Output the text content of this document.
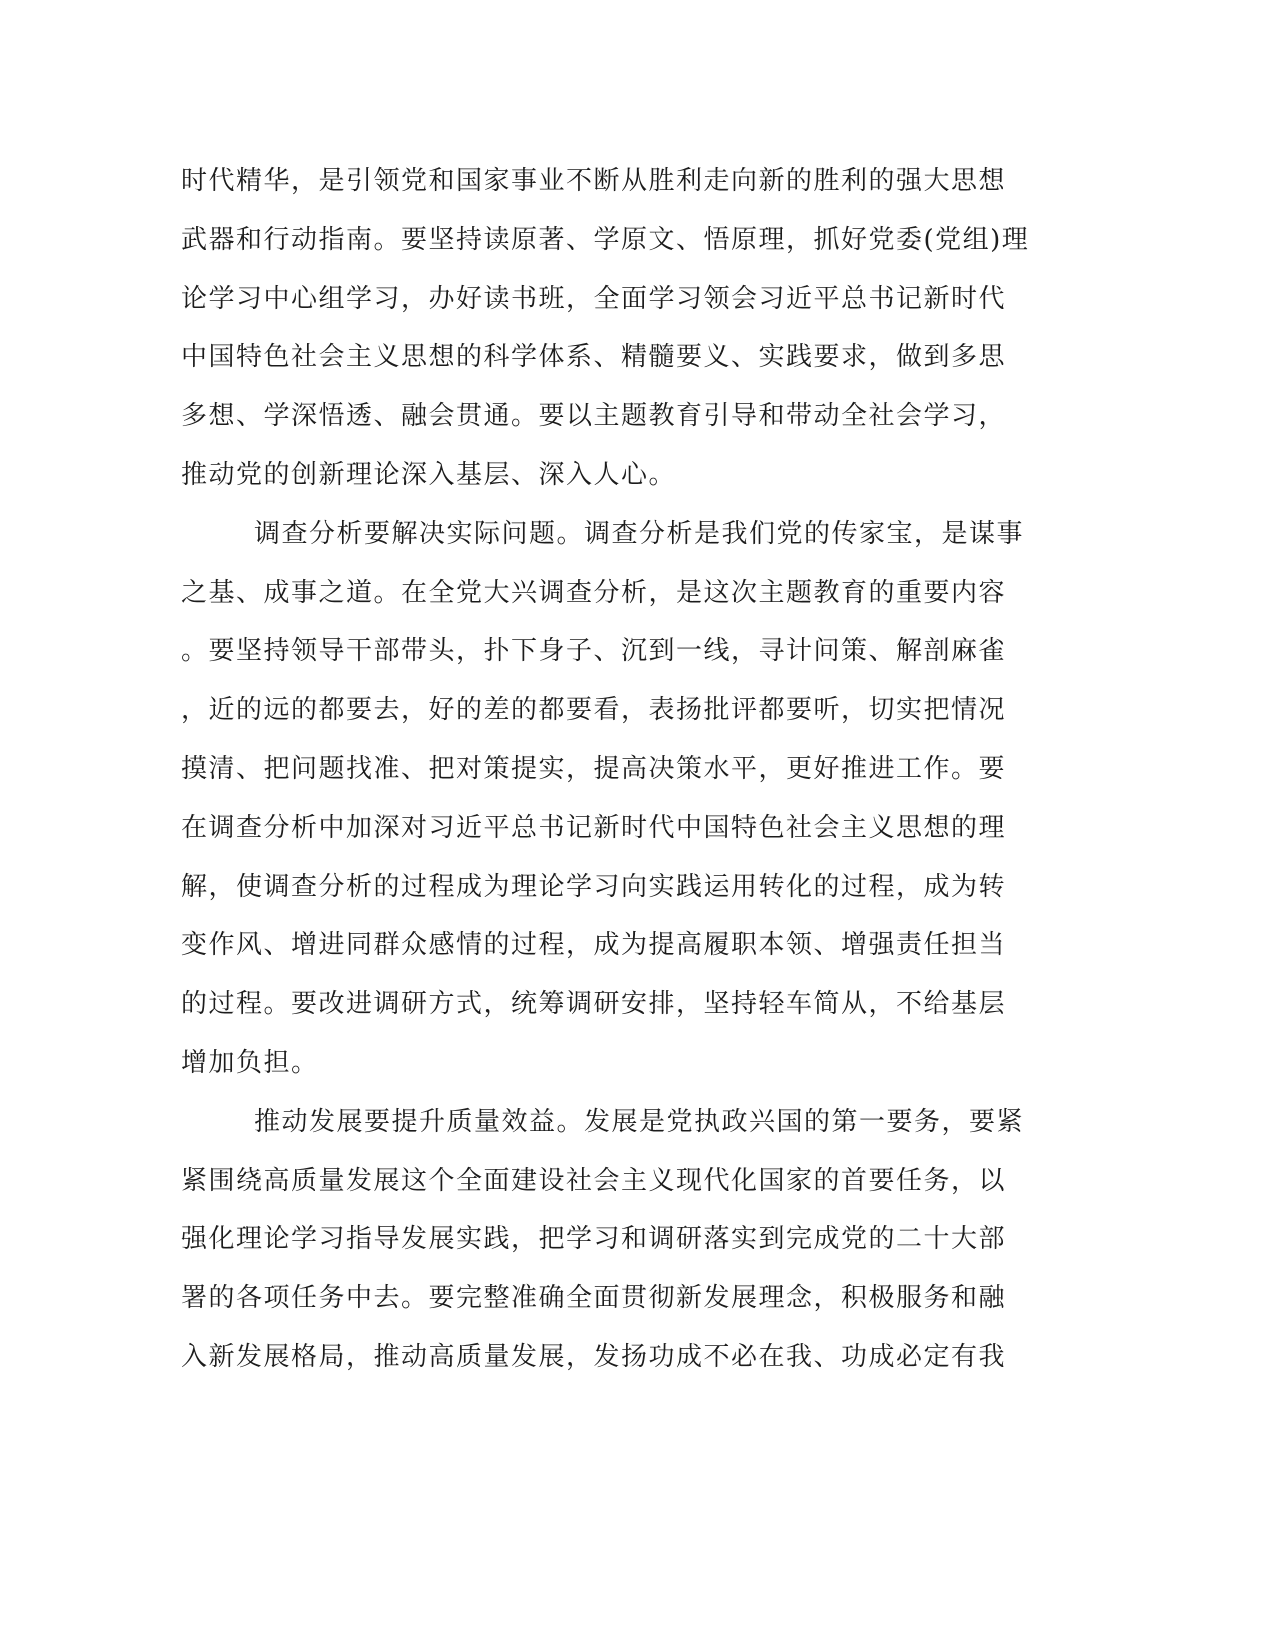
时代精华，是引领党和国家事业不断从胜利走向新的胜利的强大思想
武器和行动指南。要坚持读原著、学原文、悟原理，抓好党委(党组)理
论学习中心组学习，办好读书班，全面学习领会习近平总书记新时代
中国特色社会主义思想的科学体系、精髓要义、实践要求，做到多思
多想、学深悟透、融会贯通。要以主题教育引导和带动全社会学习，
推动党的创新理论深入基层、深入人心。
调查分析要解决实际问题。调查分析是我们党的传家宝，是谋事
之基、成事之道。在全党大兴调查分析，是这次主题教育的重要内容
。要坚持领导干部带头，扑下身子、沉到一线，寻计问策、解剖麻雀
，近的远的都要去，好的差的都要看，表扬批评都要听，切实把情况
摸清、把问题找准、把对策提实，提高决策水平，更好推进工作。要
在调查分析中加深对习近平总书记新时代中国特色社会主义思想的理
解，使调查分析的过程成为理论学习向实践运用转化的过程，成为转
变作风、增进同群众感情的过程，成为提高履职本领、增强责任担当
的过程。要改进调研方式，统筹调研安排，坚持轻车简从，不给基层
增加负担。
推动发展要提升质量效益。发展是党执政兴国的第一要务，要紧
紧围绕高质量发展这个全面建设社会主义现代化国家的首要任务，以
强化理论学习指导发展实践，把学习和调研落实到完成党的二十大部
署的各项任务中去。要完整准确全面贯彻新发展理念，积极服务和融
入新发展格局，推动高质量发展，发扬功成不必在我、功成必定有我
